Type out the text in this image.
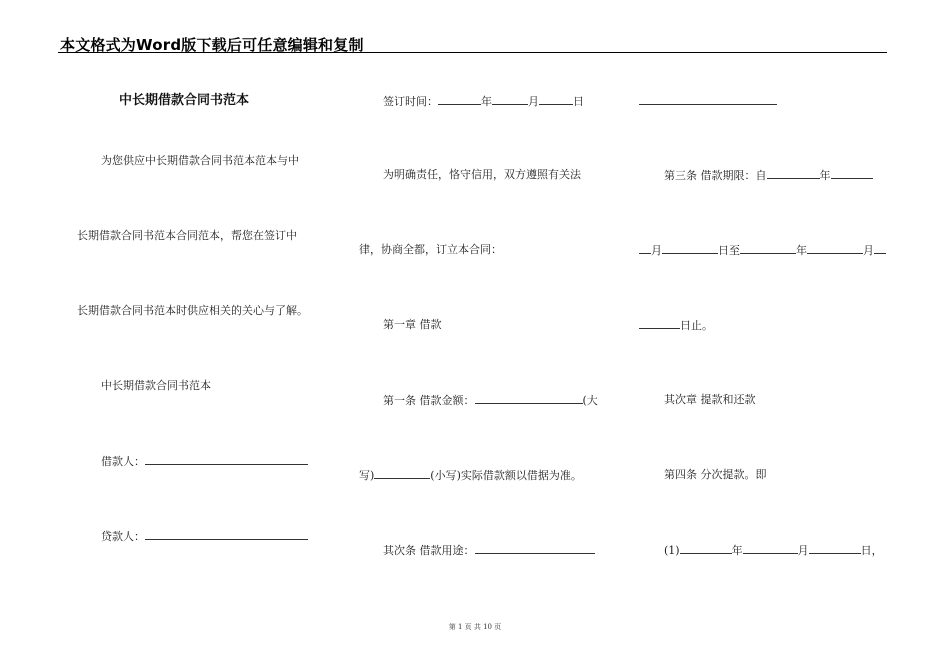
本文格式为Word版下载后可任意编辑和复制
中长期借款合同书范本
为您供应中长期借款合同书范本范本与中
长期借款合同书范本合同范本，帮您在签订中
长期借款合同书范本时供应相关的关心与了解。
中长期借款合同书范本
借款人：
贷款人：
签订时间：	年	月	日
为明确责任，恪守信用，双方遵照有关法
律，协商全都，订立本合同：
第一章 借款
第一条 借款金额：	(大
写)	(小写)实际借款额以借据为准。
其次条 借款用途：
第三条 借款期限：自	年
月	日至	年	月
日止。
其次章 提款和还款
第四条 分次提款。即
(1)	年	月	日，
第 1 页 共 10 页
